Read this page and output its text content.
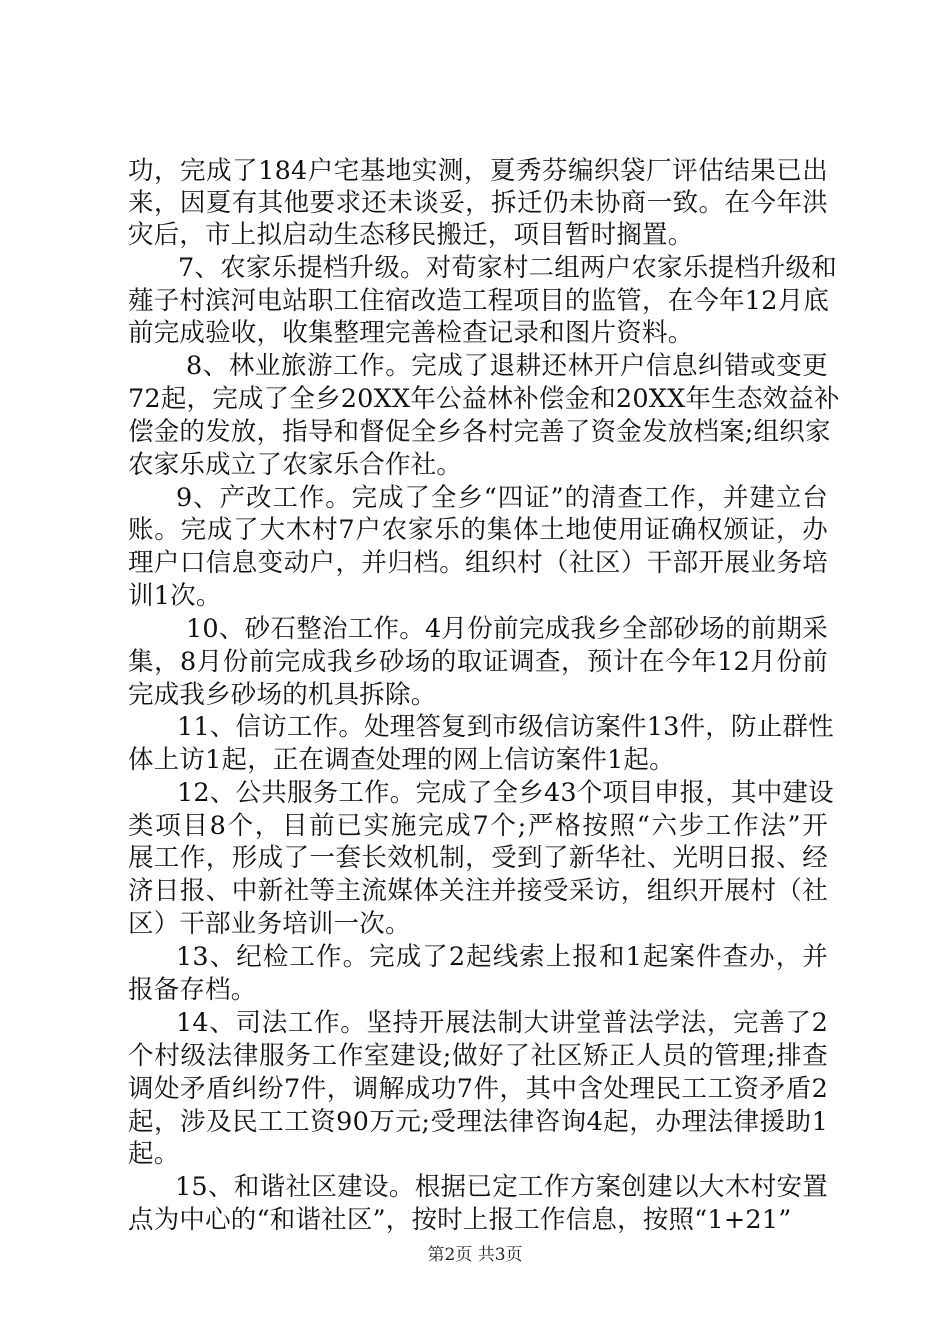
功，完成了184户宅基地实测，夏秀芬编织袋厂评估结果已出
来，因夏有其他要求还未谈妥，拆迁仍未协商一致。在今年洪
灾后，市上拟启动生态移民搬迁，项目暂时搁置。
7、农家乐提档升级。对荀家村二组两户农家乐提档升级和
薤子村滨河电站职工住宿改造工程项目的监管，在今年12月底
前完成验收，收集整理完善检查记录和图片资料。
8、林业旅游工作。完成了退耕还林开户信息纠错或变更
72起，完成了全乡20XX年公益林补偿金和20XX年生态效益补
偿金的发放，指导和督促全乡各村完善了资金发放档案;组织家
农家乐成立了农家乐合作社。
9、产改工作。完成了全乡“四证”的清查工作，并建立台
账。完成了大木村7户农家乐的集体土地使用证确权颁证，办
理户口信息变动户，并归档。组织村（社区）干部开展业务培
训1次。
10、砂石整治工作。4月份前完成我乡全部砂场的前期采
集，8月份前完成我乡砂场的取证调查，预计在今年12月份前
完成我乡砂场的机具拆除。
11、信访工作。处理答复到市级信访案件13件，防止群性
体上访1起，正在调查处理的网上信访案件1起。
12、公共服务工作。完成了全乡43个项目申报，其中建设
类项目8个，目前已实施完成7个;严格按照“六步工作法”开
展工作，形成了一套长效机制，受到了新华社、光明日报、经
济日报、中新社等主流媒体关注并接受采访，组织开展村（社
区）干部业务培训一次。
13、纪检工作。完成了2起线索上报和1起案件查办，并
报备存档。
14、司法工作。坚持开展法制大讲堂普法学法，完善了2
个村级法律服务工作室建设;做好了社区矫正人员的管理;排查
调处矛盾纠纷7件，调解成功7件，其中含处理民工工资矛盾2
起，涉及民工工资90万元;受理法律咨询4起，办理法律援助1
起。
15、和谐社区建设。根据已定工作方案创建以大木村安置
点为中心的“和谐社区”，按时上报工作信息，按照“1+21”
第2页 共3页
